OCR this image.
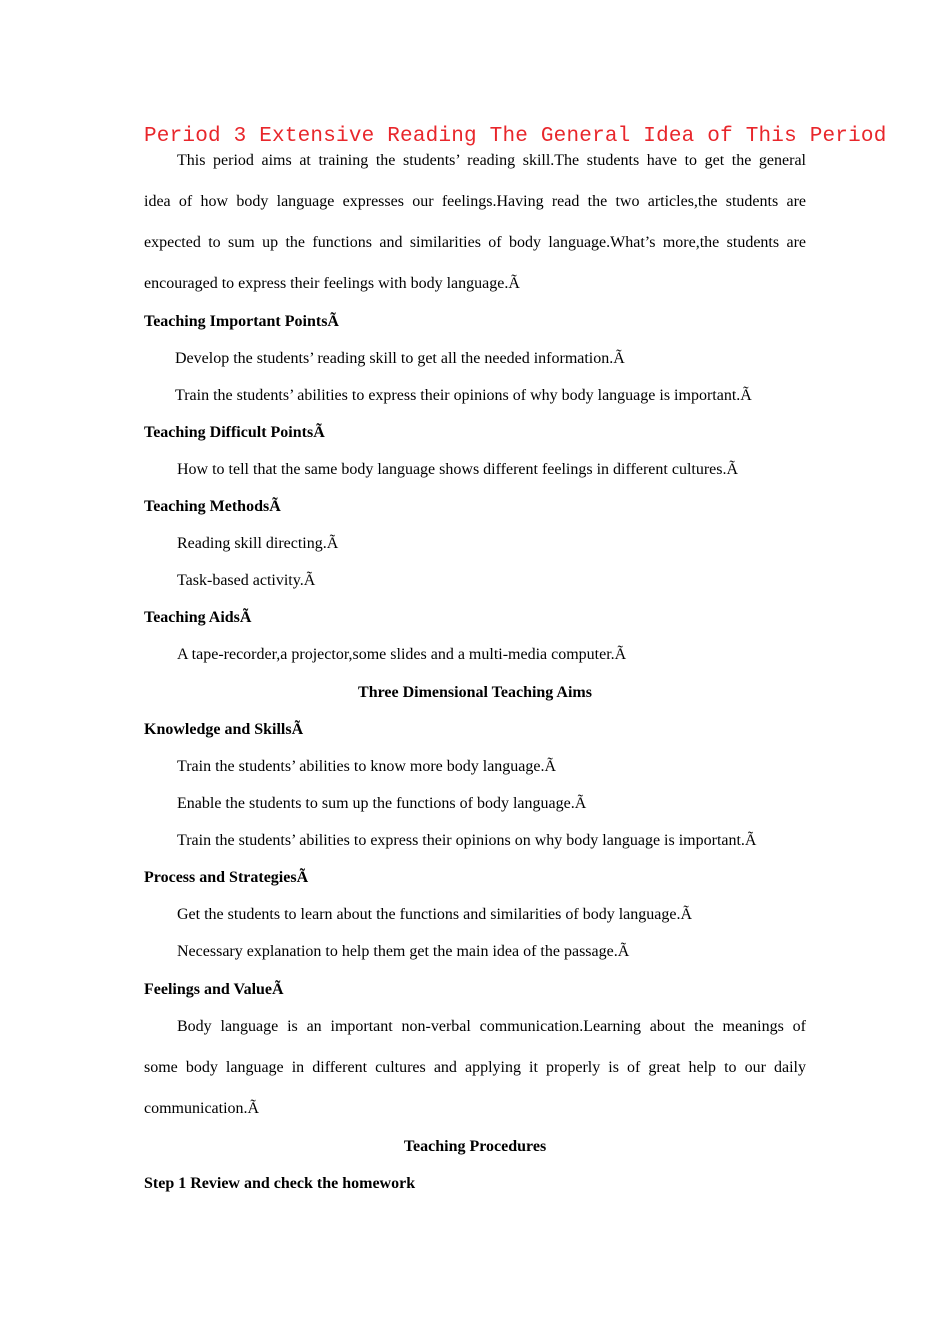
Period 3 Extensive Reading The General Idea of This Period
This period aims at training the students’ reading skill.The students have to get the general
idea of how body language expresses our feelings.Having read the two articles,the students are
expected to sum up the functions and similarities of body language.What’s more,the students are
encouraged to express their feelings with body language.Ã
Teaching Important PointsÃ
Develop the students’ reading skill to get all the needed information.Ã
Train the students’ abilities to express their opinions of why body language is important.Ã
Teaching Difficult PointsÃ
How to tell that the same body language shows different feelings in different cultures.Ã
Teaching MethodsÃ
Reading skill directing.Ã
Task-based activity.Ã
Teaching AidsÃ
A tape-recorder,a projector,some slides and a multi-media computer.Ã
Three Dimensional Teaching Aims
Knowledge and SkillsÃ
Train the students’ abilities to know more body language.Ã
Enable the students to sum up the functions of body language.Ã
Train the students’ abilities to express their opinions on why body language is important.Ã
Process and StrategiesÃ
Get the students to learn about the functions and similarities of body language.Ã
Necessary explanation to help them get the main idea of the passage.Ã
Feelings and ValueÃ
Body language is an important non-verbal communication.Learning about the meanings of
some body language in different cultures and applying it properly is of great help to our daily
communication.Ã
Teaching Procedures
Step 1 Review and check the homework
